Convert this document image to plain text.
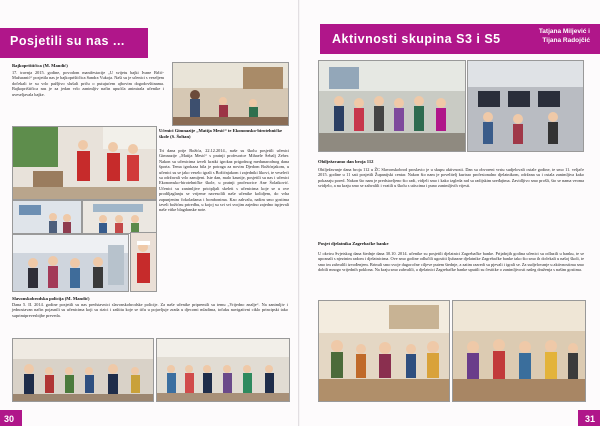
Posjetili su nas ...
Bajkoprištičica (M. Mandić)
17. travnja 2015. godine, povodom manifestacije „U svijetu bajki Ivane Brlić-Mažuranić“ posjetila nas je bajkoprištičica Sandra Vukoja. Naši su je učenici s veseljem dočekali te su vrlo pažljivo slušali priču o putujućem ajbovim dogodovštinama. Bajkoprištičica nas je za jedan vrlo zanimljiv način upućila animirala učenike i uveseljavala bajke.
Učenici Gimnazije „Matija Mesić“ te Ekonomsko-birotehničke škole (S. Šoltan)
Tri dana prije Božića, 22.12.2014., naše su školu posjetili učenici Gimnazije „Matija Mesić“ s pratnji profesorice Mihaele Šebalj Zeher. Nakon su učenicima izveli kratki igrokaz prigodnog medunarodnog dana športa. Tema igrokaza bila je potraga za novim Djedom Božićnjakom, u učenici su se jako veselo igrali s Božićnjakom i zajedniki likovi, te veseleći su održavali vrlo zamijeni. Iste dan, malo kasnije, posjetili su nas i učenici Ekonomsko-birotehničke škole, u pratnji profesorice Ane Šolatković. Učenici su zanimljive pricipljali skeleti s učenicima koje se u ove prodiljaglanju se vrijeme navesolili naše učenike kolidjem, do vrha zapunjenim čokoladama i bombonima. Kao zahvalu, našim smo gostima izveli božićnu priredbu, u kojoj su svi svi svojim zajedno zajedno ispjevali naše vitke blagdanske note.
Slavonskobrodska policija (M. Mandić)
Dana 5. II. 2014. godine posjetili su nas predstavnici slavonskobrodske policije. Za naše učenike pripremili su temu „Vrijedno znalje“. Na zanimljiv i jednostavan način pojasnili su učenicima koji su rizici i zaštitu koje se tiču u pojavljuje zrada u djecomi mladima, točaku navigativni ciklo principski tako suprimiprevesbijbe preveda.
30
Aktivnosti skupina S3 i S5
Tatjana Miljević i
Tijana Radojčić
Obilježavamo dan broja 112
Obilježavanje dana broja 112 u ŽC Slavonskobrod proslavio je u skupu aktivnosti. Dan su obvoreni vrstu sudjelovali ostale godine, te smo 11. veljače 2015. godine u 11 sati posjetili Županijski centar. Nakon što nam je povelitelj kurirao profesionalno djelatnikom, održana su i ostala zanimljiva kako pokazaju pored. Nakon što nam je predstavljeno što radi, vidjeli smo i kako izgleda rad sa radijskim uređajima. Zavidljivo smo prošli, što se nama veoma svidjelo, a na kraju smo se zahvalili i vratili u školu s utiscima i puno zanimljivih vijesti.
Posjet djelatnika Zagrebačke banke
U okviru Svjetskog dana štednje dana 30.10. 2014. učenike su posjetili djelatnici Zagrebačke banke. Prijašnjih godina učenici su odlazili u banku, te se upoznali s njezinim radom i djelatnicima. Ove smo godine odlučili ugostiti ljubazne djelatnike Zagrebačke banke tako što smo ih dočekali u našoj školi, te smo im zahvalili izvođenjem. Brinuli smo svoje dugoročne ciljeve putem štednje, a zatim razredi su pjevali i igrali se. Za sudjelovanje u aktivnostima smo dobili mnogo vrijednih poklona. Na kraju smo zahvalili, a djelatnici Zagrebačke banke uputili su čestitke o zanimljivosti našeg druženja s našim gostima.
31
